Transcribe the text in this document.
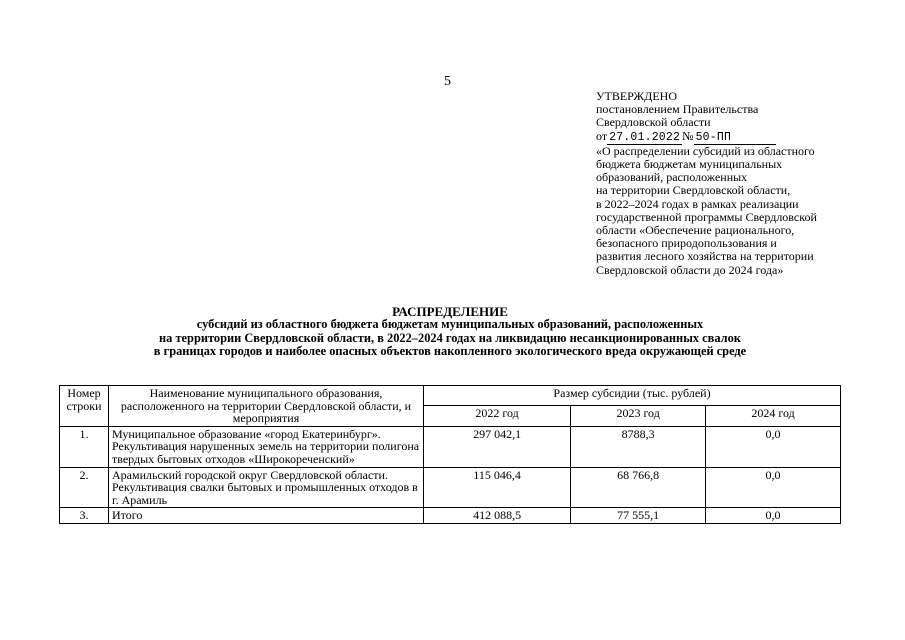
5
УТВЕРЖДЕНО
постановлением Правительства
Свердловской области
от 27.01.2022 № 50-ПП
«О распределении субсидий из областного
бюджета бюджетам муниципальных
образований, расположенных
на территории Свердловской области,
в 2022–2024 годах в рамках реализации
государственной программы Свердловской
области «Обеспечение рационального,
безопасного природопользования и
развития лесного хозяйства на территории
Свердловской области до 2024 года»
РАСПРЕДЕЛЕНИЕ
субсидий из областного бюджета бюджетам муниципальных образований, расположенных
на территории Свердловской области, в 2022–2024 годах на ликвидацию несанкционированных свалок
в границах городов и наиболее опасных объектов накопленного экологического вреда окружающей среде
Номер строки	Наименование муниципального образования, расположенного на территории Свердловской области, и мероприятия	Размер субсидии (тыс. рублей)		
		2022 год	2023 год	2024 год
1.	Муниципальное образование «город Екатеринбург». Рекультивация нарушенных земель на территории полигона твердых бытовых отходов «Широкореченский»	297 042,1	8788,3	0,0
2.	Арамильский городской округ Свердловской области. Рекультивация свалки бытовых и промышленных отходов в г. Арамиль	115 046,4	68 766,8	0,0
3.	Итого	412 088,5	77 555,1	0,0
